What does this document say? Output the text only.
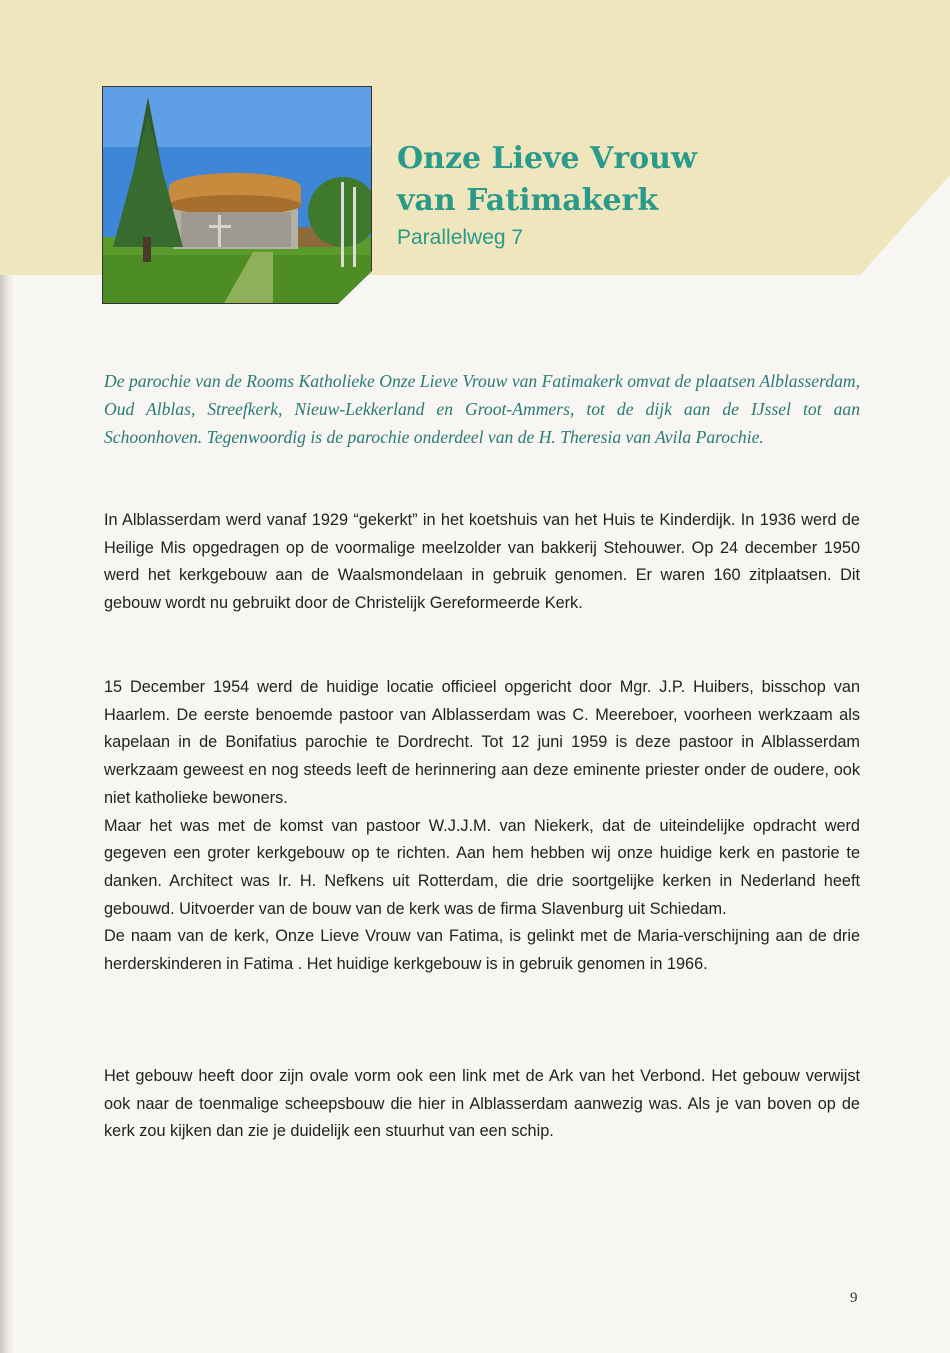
Onze Lieve Vrouw
van Fatimakerk
Parallelweg 7
De parochie van de Rooms Katholieke Onze Lieve Vrouw van Fatimakerk omvat de plaatsen Alblasserdam, Oud Alblas, Streefkerk, Nieuw-Lekkerland en Groot-Ammers, tot de dijk aan de IJssel tot aan Schoonhoven. Tegenwoordig is de parochie onderdeel van de H. Theresia van Avila Parochie.

In Alblasserdam werd vanaf 1929 “gekerkt” in het koetshuis van het Huis te Kinderdijk. In 1936 werd de Heilige Mis opgedragen op de voormalige meelzolder van bakkerij Stehouwer. Op 24 december 1950 werd het kerkgebouw aan de Waalsmondelaan in gebruik genomen. Er waren 160 zitplaatsen. Dit gebouw wordt nu gebruikt door de Christelijk Gereformeerde Kerk.

15 December 1954 werd de huidige locatie officieel opgericht door Mgr. J.P. Huibers, bisschop van Haarlem. De eerste benoemde pastoor van Alblasserdam was C. Meereboer, voorheen werkzaam als kapelaan in de Bonifatius parochie te Dordrecht. Tot 12 juni 1959 is deze pastoor in Alblasserdam werkzaam geweest en nog steeds leeft de herinnering aan deze eminente priester onder de oudere, ook niet katholieke bewoners.

Maar het was met de komst van pastoor W.J.J.M. van Niekerk, dat de uiteindelijke opdracht werd gegeven een groter kerkgebouw op te richten. Aan hem hebben wij onze huidige kerk en pastorie te danken. Architect was Ir. H. Nefkens uit Rotterdam, die drie soortgelijke kerken in Nederland heeft gebouwd. Uitvoerder van de bouw van de kerk was de firma Slavenburg uit Schiedam.

De naam van de kerk, Onze Lieve Vrouw van Fatima, is gelinkt met de Maria-verschijning aan de drie herderskinderen in Fatima . Het huidige kerkgebouw is in gebruik genomen in 1966.

Het gebouw heeft door zijn ovale vorm ook een link met de Ark van het Verbond. Het gebouw verwijst ook naar de toenmalige scheepsbouw die hier in Alblasserdam aanwezig was. Als je van boven op de kerk zou kijken dan zie je duidelijk een stuurhut van een schip.

9
